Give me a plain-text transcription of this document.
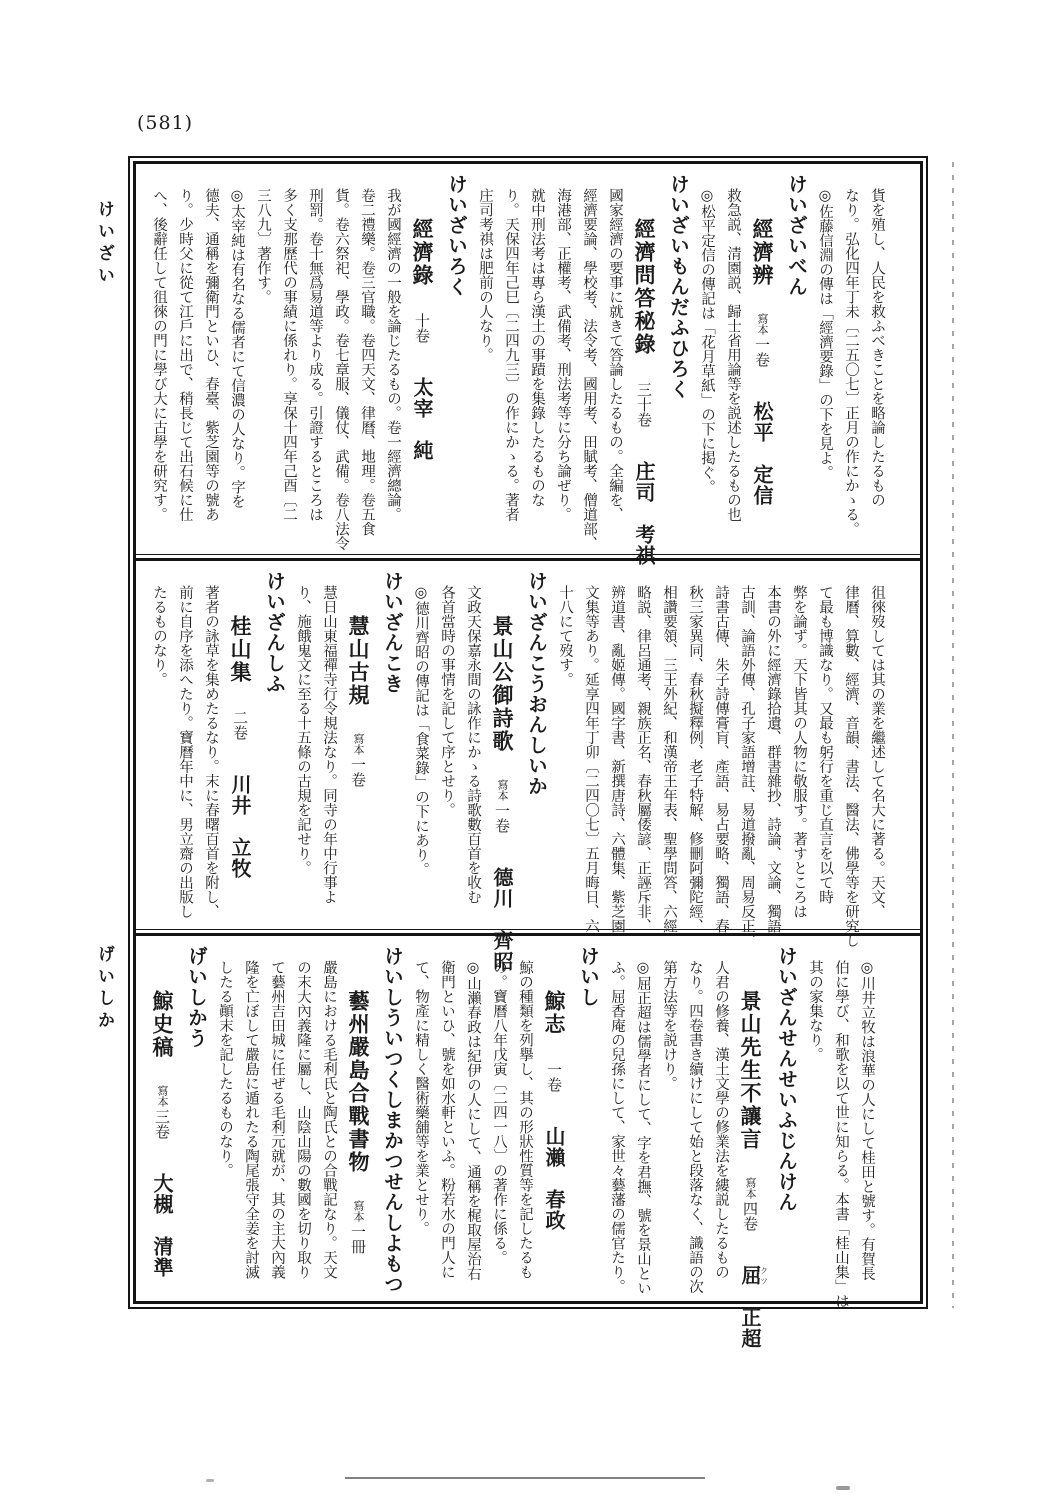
(581)
けいざい
げいしか
貨を殖し、人民を救ふべきことを略論したるもの
なり。弘化四年丁未〔二五〇七〕正月の作にかゝる。
◎佐藤信淵の傳は「經濟要錄」の下を見よ。
けいざいべん
經濟辨寫本一卷松平　定信
救急説、清園説、歸士省用論等を説述したるもの也
◎松平定信の傳記は「花月草紙」の下に掲ぐ。
けいざいもんだふひろく
經濟問答秘錄三十卷庄司　考祺
國家經濟の要事に就きて答論したるもの。全編を、
經濟要論、學校考、法令考、國用考、田賦考、僧道部、
海港部、正權考、武備考、刑法考等に分ち論ぜり。
就中刑法考は專ら漢土の事蹟を集錄したるものな
り。天保四年己巳〔二四九三〕の作にかゝる。著者
庄司考祺は肥前の人なり。
けいざいろく
經濟錄十卷太宰　純
我が國經濟の一般を論じたるもの。卷一經濟總論。
卷二禮樂。卷三官職。卷四天文、律曆、地理。卷五食
貨。卷六祭祀、學政。卷七章服、儀仗、武備。卷八法令
刑罰。卷十無爲易道等より成る。引證するところは
多く支那歷代の事績に係れり。享保十四年己酉〔二
三八九〕著作す。
◎太宰純は有名なる儒者にて信濃の人なり。字を
德夫、通稱を彌衛門といひ、春臺、紫芝園等の號あ
り。少時父に從て江戶に出で、稍長じて出石候に仕
へ、後辭任して徂徠の門に學び大に古學を研究す。
徂徠歿しては其の業を繼述して名大に著る。天文、
律曆、算數、經濟、音韻、書法、醫法、佛學等を研究し
て最も博識なり。又最も躬行を重じ直言を以て時
弊を論ず。天下皆其の人物に敬服す。著すところは
本書の外に經濟錄拾遺、群書雜抄、詩論、文論、獨語
古訓、論語外傳、孔子家語增註、易道撥亂、周易反正、
詩書古傳、朱子詩傳膏肓、產語、易占要略、獨語、春
秋三家異同、春秋擬釋例、老子特解、修刪阿彌陀經、
相讚要領、三王外紀、和漢帝王年表、聖學問答、六經
略説、律呂通考、親族正名、春秋屬倭諺、正誣斥非、
辨道書、亂姬傳。國字書、新撰唐詩、六體集、紫芝園
文集等あり。延享四年丁卯〔二四〇七〕五月晦日、六
十八にて歿す。
けいざんこうおんしいか
景山公御詩歌寫本一卷德川　齊昭
文政天保嘉永間の詠作にかゝる詩歌數百首を收む
各首當時の事情を記して序とせり。
◎德川齊昭の傳記は「食菜錄」の下にあり。
けいざんこき
慧山古規寫本一卷
慧日山東福禪寺行令規法なり。同寺の年中行事よ
り、施餓鬼文に至る十五條の古規を記せり。
けいざんしふ
桂山集二卷川井　立牧
著者の詠草を集めたるなり。末に春曙百首を附し、
前に自序を添へたり。寶曆年中に、男立齋の出版し
たるものなり。
◎川井立牧は浪華の人にして桂田と號す。有賀長
伯に學び、和歌を以て世に知らる。本書「桂山集」は
其の家集なり。
けいざんせんせいふじんけん
景山先生不讓言寫本四卷屈クツ　正超
人君の修養、漢土文學の修業法を縷説したるもの
なり。四卷書き續けにして始と段落なく、識語の次
第方法等を説けり。
◎屈正超は儒學者にして、字を君撫、號を景山とい
ふ。屈香庵の兒孫にして、家世々藝藩の儒官たり。
けいし
鯨志一卷山瀨　春政
鯨の種類を列擧し、其の形狀性質等を記したるも
の。寶曆八年戊寅〔二四一八〕の著作に係る。
◎山瀨春政は紀伊の人にして、通稱を梶取屋治右
衛門といひ、號を如水軒といふ。粉若水の門人に
て、物產に精しく醫術藥舖等を業とせり。
けいしういつくしまかつせんしよもつ
藝州嚴島合戰書物寫本一冊
嚴島における毛利氏と陶氏との合戰記なり。天文
の末大內義隆に屬し、山陰山陽の數國を切り取り
て藝州吉田城に任ぜる毛利元就が、其の主大內義
隆を亡ぼして嚴島に遁れたる陶尾張守全姜を討滅
したる顚末を記したるものなり。
げいしかう
鯨史稿寫本三卷大槻　清準
